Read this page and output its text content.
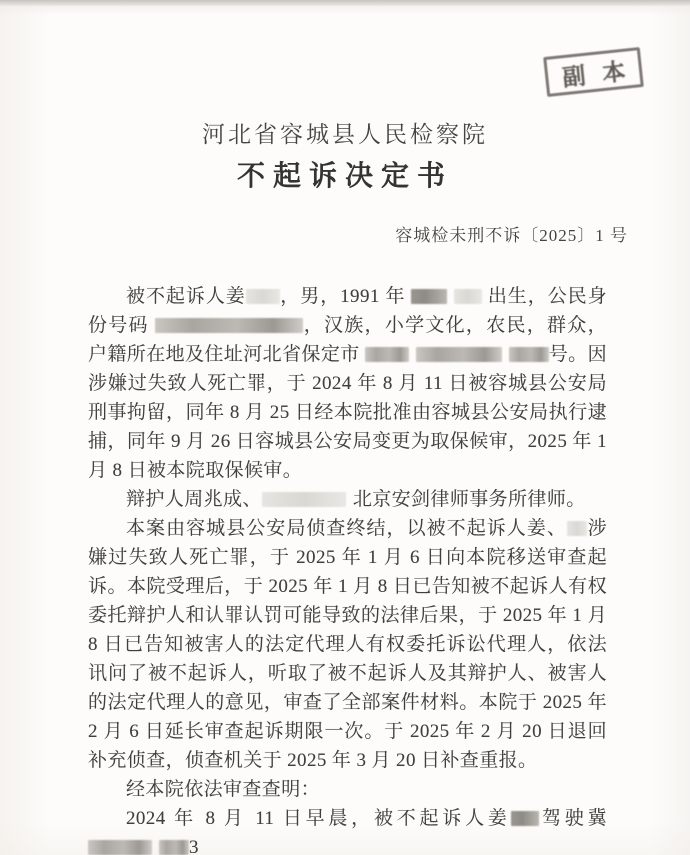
副本
河北省容城县人民检察院
不起诉决定书
容城检未刑不诉〔2025〕1 号

被不起诉人姜 ，男，1991 年	出生，公民身份号码	，汉族，小学文化，农民，群众，户籍所在地及住址河北省保定市	号。因涉嫌过失致人死亡罪，于 2024 年 8 月 11 日被容城县公安局刑事拘留，同年 8 月 25 日经本院批准由容城县公安局执行逮捕，同年 9 月 26 日容城县公安局变更为取保候审，2025 年 1 月 8 日被本院取保候审。

辩护人周兆成、	北京安剑律师事务所律师。

本案由容城县公安局侦查终结，以被不起诉人姜、 涉嫌过失致人死亡罪，于 2025 年 1 月 6 日向本院移送审查起诉。本院受理后，于 2025 年 1 月 8 日已告知被不起诉人有权委托辩护人和认罪认罚可能导致的法律后果，于 2025 年 1 月 8 日已告知被害人的法定代理人有权委托诉讼代理人，依法讯问了被不起诉人，听取了被不起诉人及其辩护人、被害人的法定代理人的意见，审查了全部案件材料。本院于 2025 年 2 月 6 日延长审查起诉期限一次。于 2025 年 2 月 20 日退回补充侦查，侦查机关于 2025 年 3 月 20 日补查重报。

经本院依法审查查明：

2024 年 8 月 11 日早晨，被不起诉人姜 驾驶冀3
